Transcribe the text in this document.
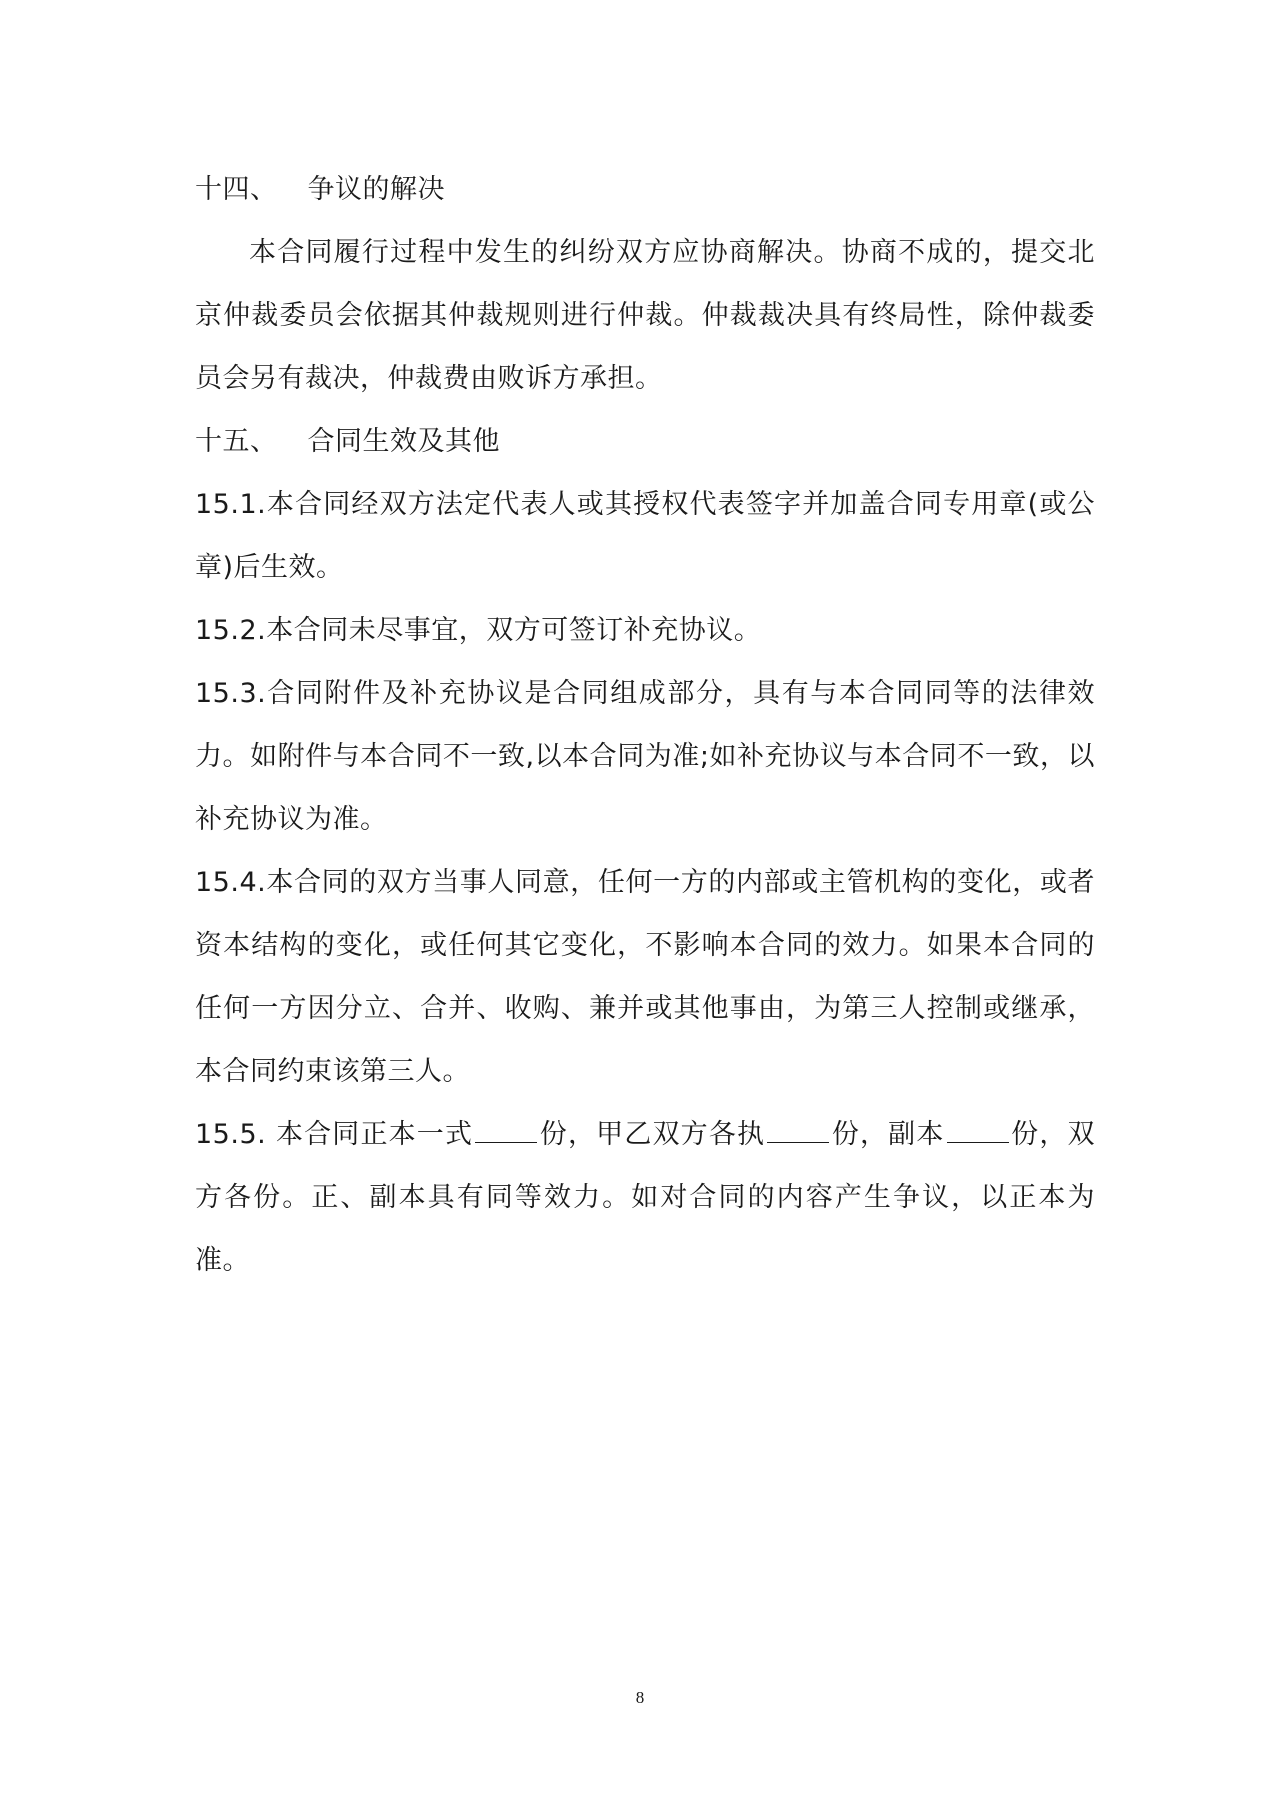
十四、 争议的解决

本合同履行过程中发生的纠纷双方应协商解决。协商不成的，提交北京仲裁委员会依据其仲裁规则进行仲裁。仲裁裁决具有终局性，除仲裁委员会另有裁决，仲裁费由败诉方承担。

十五、 合同生效及其他

15.1.本合同经双方法定代表人或其授权代表签字并加盖合同专用章(或公章)后生效。

15.2.本合同未尽事宜，双方可签订补充协议。

15.3.合同附件及补充协议是合同组成部分，具有与本合同同等的法律效力。如附件与本合同不一致,以本合同为准;如补充协议与本合同不一致，以补充协议为准。

15.4.本合同的双方当事人同意，任何一方的内部或主管机构的变化，或者资本结构的变化，或任何其它变化，不影响本合同的效力。如果本合同的任何一方因分立、合并、收购、兼并或其他事由，为第三人控制或继承，本合同约束该第三人。

15.5. 本合同正本一式 份，甲乙双方各执 份，副本 份，双方各份。正、副本具有同等效力。如对合同的内容产生争议，以正本为准。

8
